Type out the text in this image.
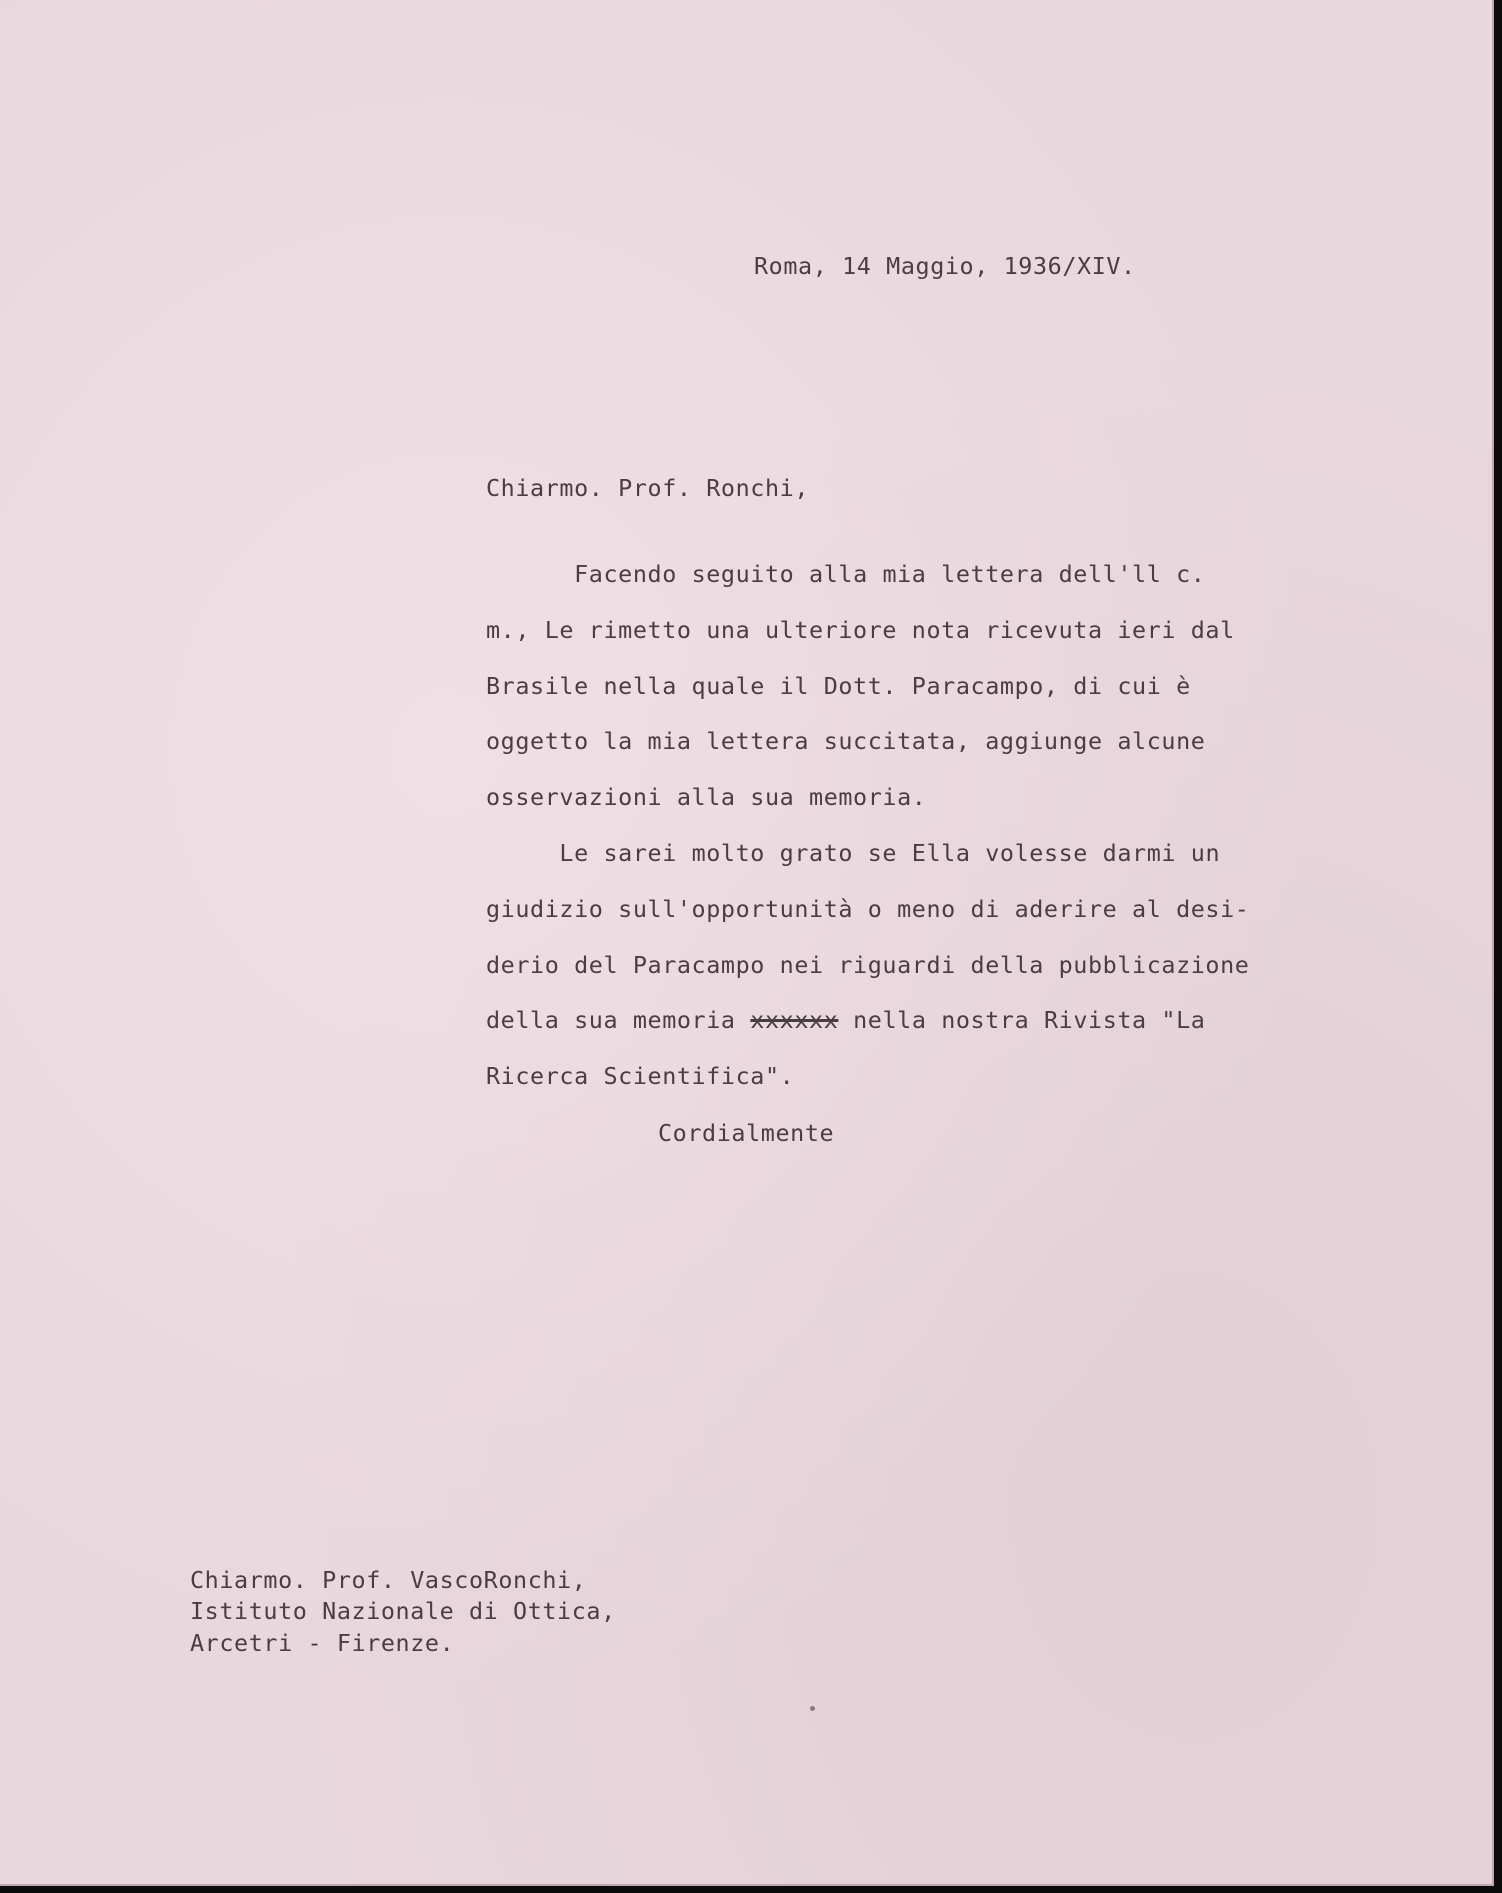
Roma, 14 Maggio, 1936/XIV.

Chiarmo. Prof. Ronchi,

Facendo seguito alla mia lettera dell'll c.

m., Le rimetto una ulteriore nota ricevuta ieri dal

Brasile nella quale il Dott. Paracampo, di cui è

oggetto la mia lettera succitata, aggiunge alcune

osservazioni alla sua memoria.

Le sarei molto grato se Ella volesse darmi un

giudizio sull'opportunità o meno di aderire al desi-

derio del Paracampo nei riguardi della pubblicazione

della sua memoria xxxxxx nella nostra Rivista "La

Ricerca Scientifica".

Cordialmente

Chiarmo. Prof. VascoRonchi,

Istituto Nazionale di Ottica,

Arcetri - Firenze.
